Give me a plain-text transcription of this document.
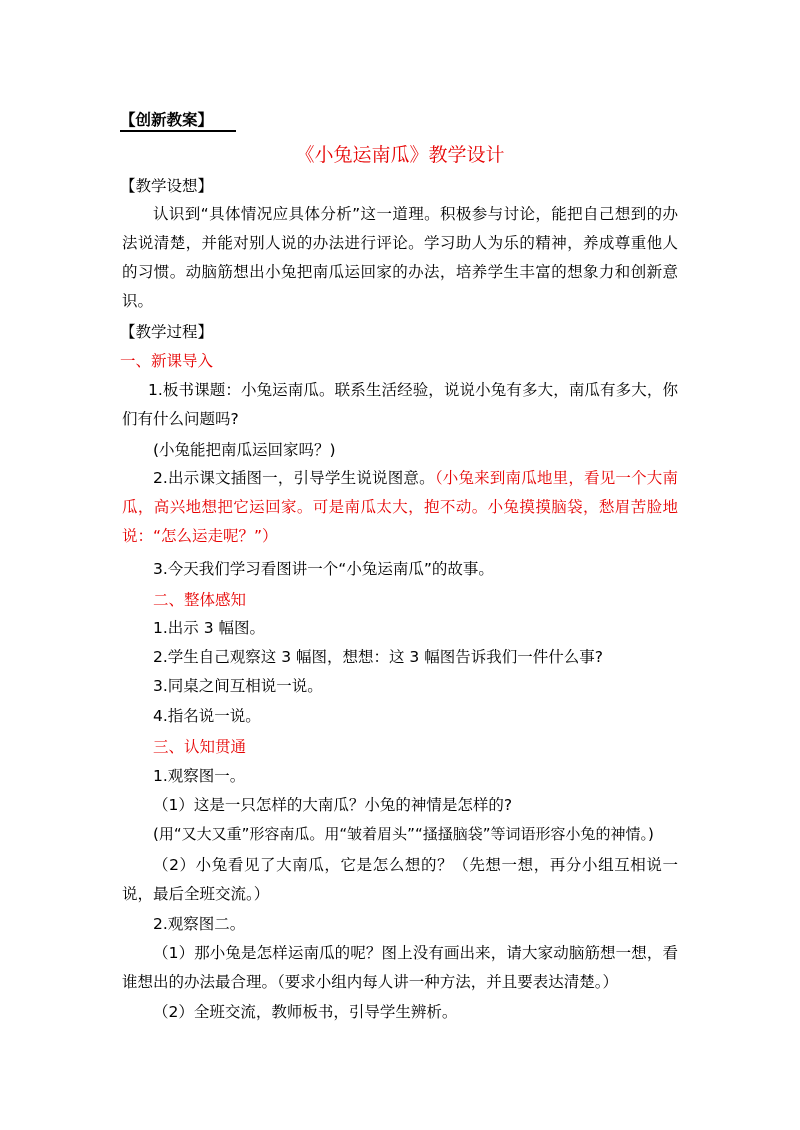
【创新教案】
《小兔运南瓜》教学设计
【教学设想】
认识到“具体情况应具体分析”这一道理。积极参与讨论，能把自己想到的办法说清楚，并能对别人说的办法进行评论。学习助人为乐的精神，养成尊重他人的习惯。动脑筋想出小兔把南瓜运回家的办法，培养学生丰富的想象力和创新意识。
【教学过程】
一、新课导入
1.板书课题：小兔运南瓜。联系生活经验，说说小兔有多大，南瓜有多大，你们有什么问题吗?
(小兔能把南瓜运回家吗？)
2.出示课文插图一，引导学生说说图意。（小兔来到南瓜地里，看见一个大南瓜，高兴地想把它运回家。可是南瓜太大，抱不动。小兔摸摸脑袋，愁眉苦脸地说：“怎么运走呢？”）
3.今天我们学习看图讲一个“小兔运南瓜”的故事。
二、整体感知
1.出示 3 幅图。
2.学生自己观察这 3 幅图，想想：这 3 幅图告诉我们一件什么事?
3.同桌之间互相说一说。
4.指名说一说。
三、认知贯通
1.观察图一。
（1）这是一只怎样的大南瓜？小兔的神情是怎样的?
(用“又大又重”形容南瓜。用“皱着眉头”“搔搔脑袋”等词语形容小兔的神情。)
（2）小兔看见了大南瓜，它是怎么想的？（先想一想，再分小组互相说一说，最后全班交流。）
2.观察图二。
（1）那小兔是怎样运南瓜的呢？图上没有画出来，请大家动脑筋想一想，看谁想出的办法最合理。（要求小组内每人讲一种方法，并且要表达清楚。）
（2）全班交流，教师板书，引导学生辨析。
